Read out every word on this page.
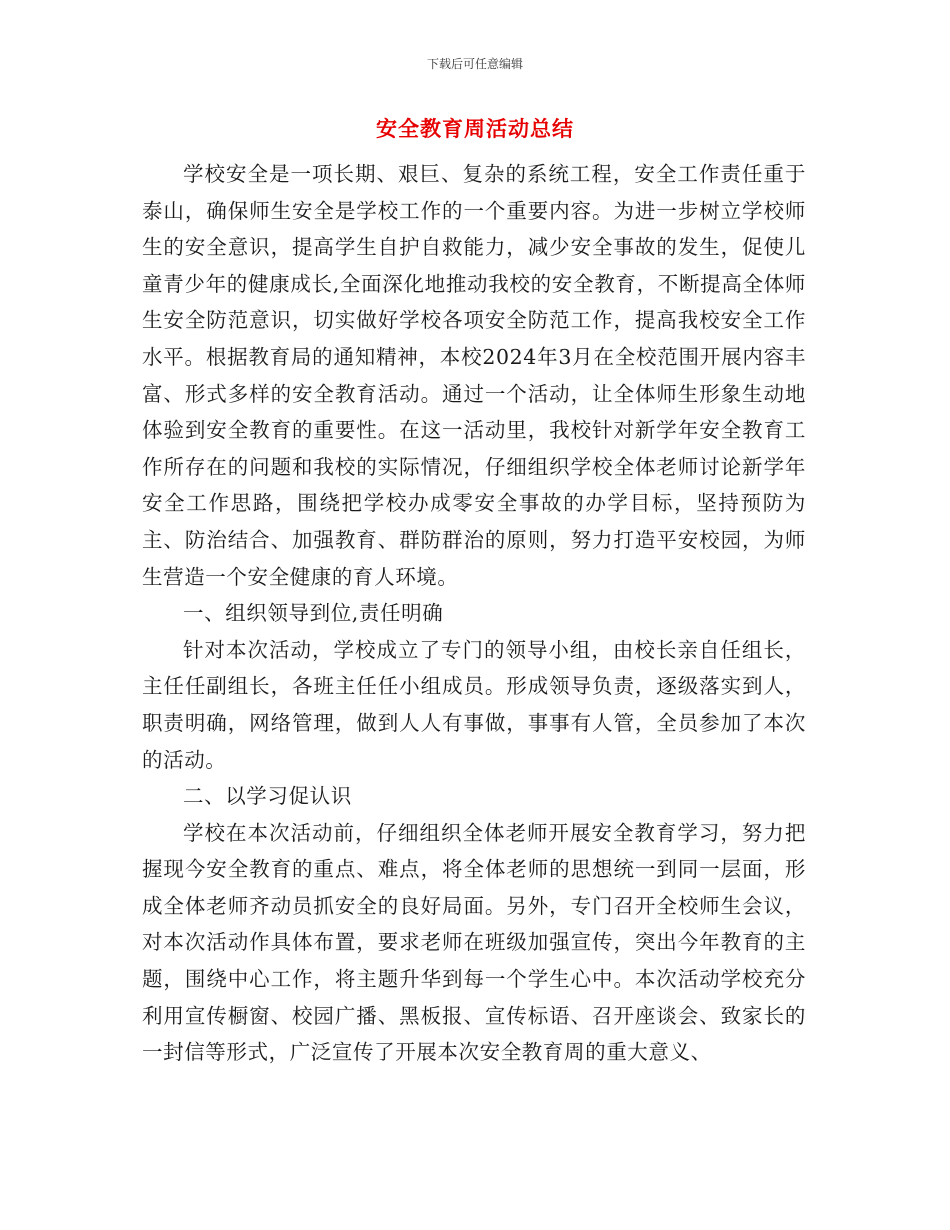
下载后可任意编辑
安全教育周活动总结

学校安全是一项长期、艰巨、复杂的系统工程，安全工作责任重于泰山，确保师生安全是学校工作的一个重要内容。为进一步树立学校师生的安全意识，提高学生自护自救能力，减少安全事故的发生，促使儿童青少年的健康成长,全面深化地推动我校的安全教育，不断提高全体师生安全防范意识，切实做好学校各项安全防范工作，提高我校安全工作水平。根据教育局的通知精神，本校2024年3月在全校范围开展内容丰富、形式多样的安全教育活动。通过一个活动，让全体师生形象生动地体验到安全教育的重要性。在这一活动里，我校针对新学年安全教育工作所存在的问题和我校的实际情况，仔细组织学校全体老师讨论新学年安全工作思路，围绕把学校办成零安全事故的办学目标，坚持预防为主、防治结合、加强教育、群防群治的原则，努力打造平安校园，为师生营造一个安全健康的育人环境。

一、组织领导到位,责任明确

针对本次活动，学校成立了专门的领导小组，由校长亲自任组长，主任任副组长，各班主任任小组成员。形成领导负责，逐级落实到人，职责明确，网络管理，做到人人有事做，事事有人管，全员参加了本次的活动。

二、以学习促认识

学校在本次活动前，仔细组织全体老师开展安全教育学习，努力把握现今安全教育的重点、难点，将全体老师的思想统一到同一层面，形成全体老师齐动员抓安全的良好局面。另外，专门召开全校师生会议，对本次活动作具体布置，要求老师在班级加强宣传，突出今年教育的主题，围绕中心工作，将主题升华到每一个学生心中。本次活动学校充分利用宣传橱窗、校园广播、黑板报、宣传标语、召开座谈会、致家长的一封信等形式，广泛宣传了开展本次安全教育周的重大意义、
